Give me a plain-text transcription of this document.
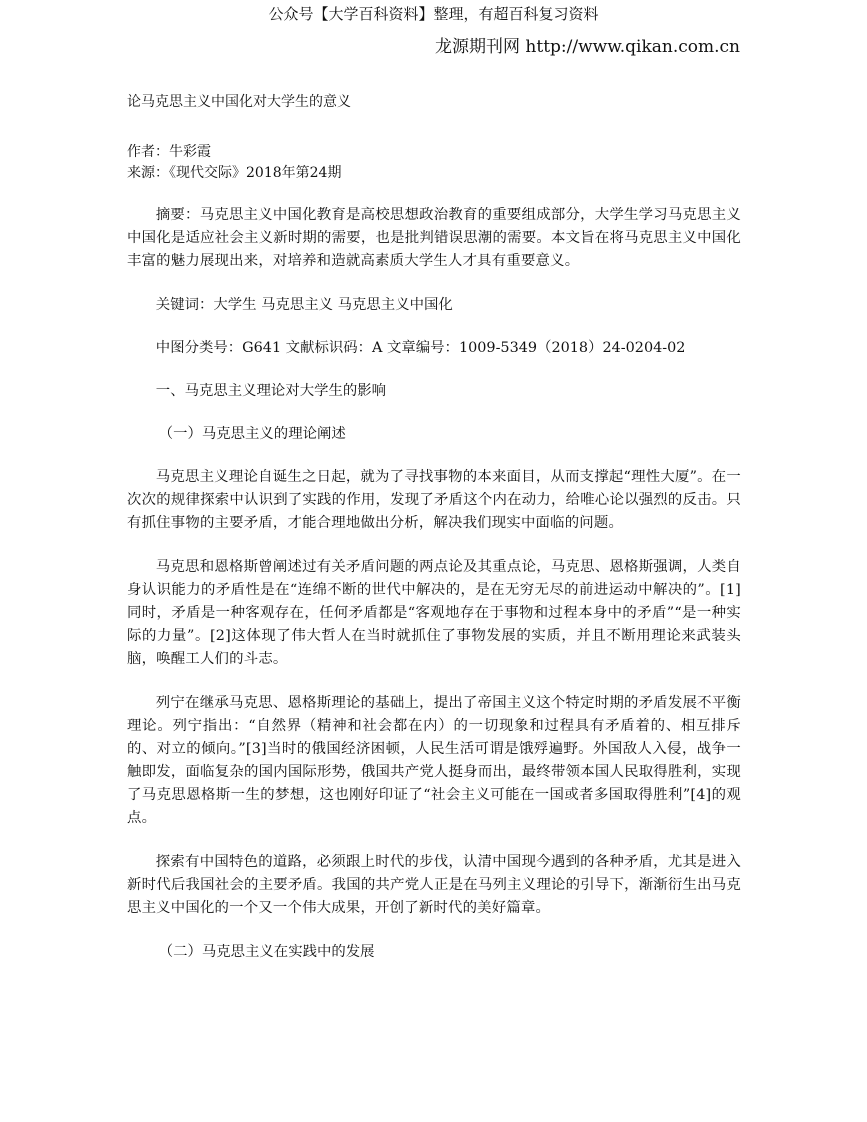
公众号【大学百科资料】整理，有超百科复习资料
龙源期刊网 http://www.qikan.com.cn
论马克思主义中国化对大学生的意义

作者：牛彩霞

来源：《现代交际》2018年第24期

摘要：马克思主义中国化教育是高校思想政治教育的重要组成部分，大学生学习马克思主义中国化是适应社会主义新时期的需要，也是批判错误思潮的需要。本文旨在将马克思主义中国化丰富的魅力展现出来，对培养和造就高素质大学生人才具有重要意义。

关键词：大学生 马克思主义 马克思主义中国化

中图分类号：G641 文献标识码：A 文章编号：1009-5349（2018）24-0204-02

一、马克思主义理论对大学生的影响

（一）马克思主义的理论阐述

马克思主义理论自诞生之日起，就为了寻找事物的本来面目，从而支撑起“理性大厦”。在一次次的规律探索中认识到了实践的作用，发现了矛盾这个内在动力，给唯心论以强烈的反击。只有抓住事物的主要矛盾，才能合理地做出分析，解决我们现实中面临的问题。

马克思和恩格斯曾阐述过有关矛盾问题的两点论及其重点论，马克思、恩格斯强调，人类自身认识能力的矛盾性是在“连绵不断的世代中解决的，是在无穷无尽的前进运动中解决的”。[1]同时，矛盾是一种客观存在，任何矛盾都是“客观地存在于事物和过程本身中的矛盾”“是一种实际的力量”。[2]这体现了伟大哲人在当时就抓住了事物发展的实质，并且不断用理论来武装头脑，唤醒工人们的斗志。

列宁在继承马克思、恩格斯理论的基础上，提出了帝国主义这个特定时期的矛盾发展不平衡理论。列宁指出：“自然界（精神和社会都在内）的一切现象和过程具有矛盾着的、相互排斥的、对立的倾向。”[3]当时的俄国经济困顿，人民生活可谓是饿殍遍野。外国敌人入侵，战争一触即发，面临复杂的国内国际形势，俄国共产党人挺身而出，最终带领本国人民取得胜利，实现了马克思恩格斯一生的梦想，这也刚好印证了“社会主义可能在一国或者多国取得胜利”[4]的观点。

探索有中国特色的道路，必须跟上时代的步伐，认清中国现今遇到的各种矛盾，尤其是进入新时代后我国社会的主要矛盾。我国的共产党人正是在马列主义理论的引导下，渐渐衍生出马克思主义中国化的一个又一个伟大成果，开创了新时代的美好篇章。

（二）马克思主义在实践中的发展
